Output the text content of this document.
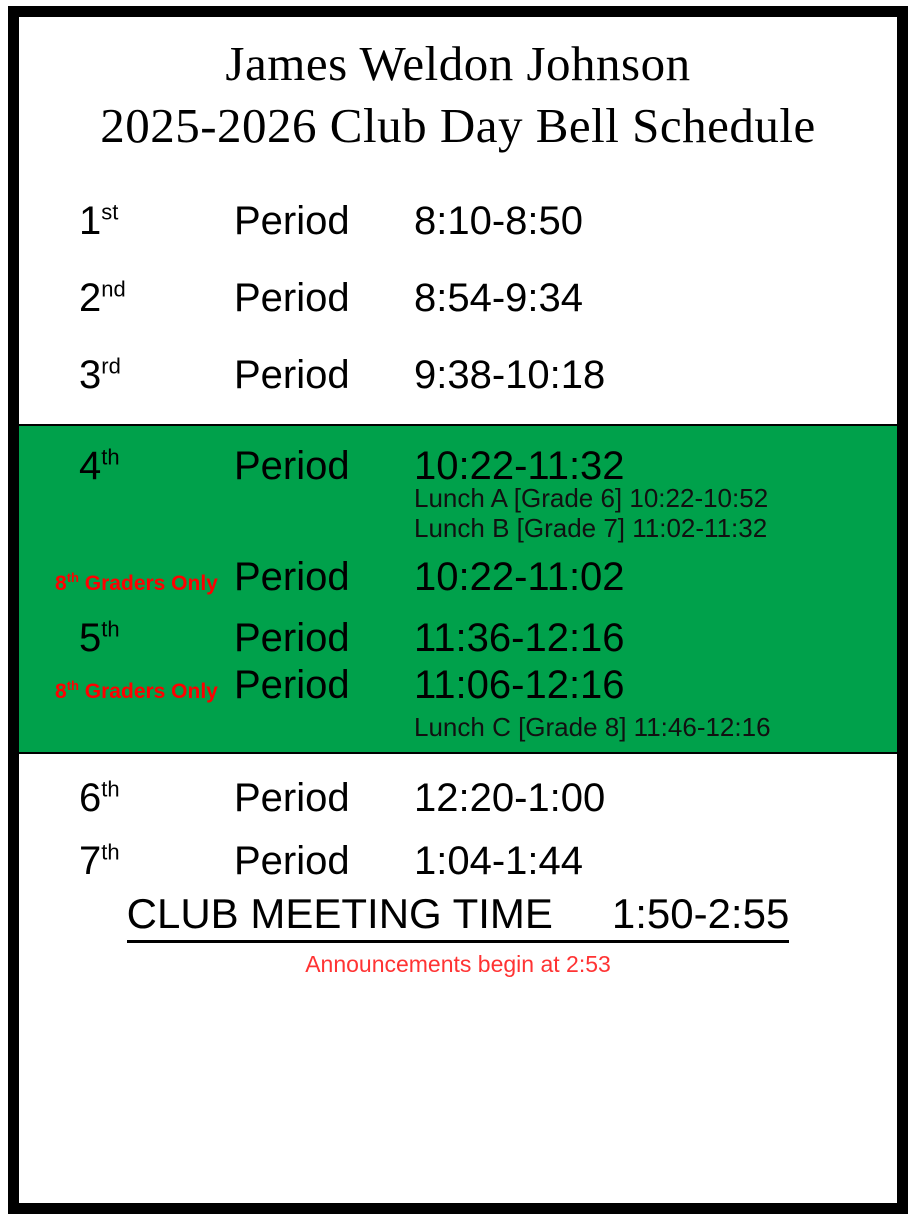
James Weldon Johnson
2025-2026 Club Day Bell Schedule
1st	Period	8:10-8:50
2nd	Period	8:54-9:34
3rd	Period	9:38-10:18
4th	Period	10:22-11:32
Lunch A [Grade 6] 10:22-10:52
Lunch B [Grade 7] 11:02-11:32
8th Graders Only Period	10:22-11:02
5th	Period	11:36-12:16
8th Graders Only Period	11:06-12:16
Lunch C [Grade 8] 11:46-12:16
6th	Period	12:20-1:00
7th	Period	1:04-1:44
CLUB MEETING TIME 1:50-2:55
Announcements begin at 2:53
